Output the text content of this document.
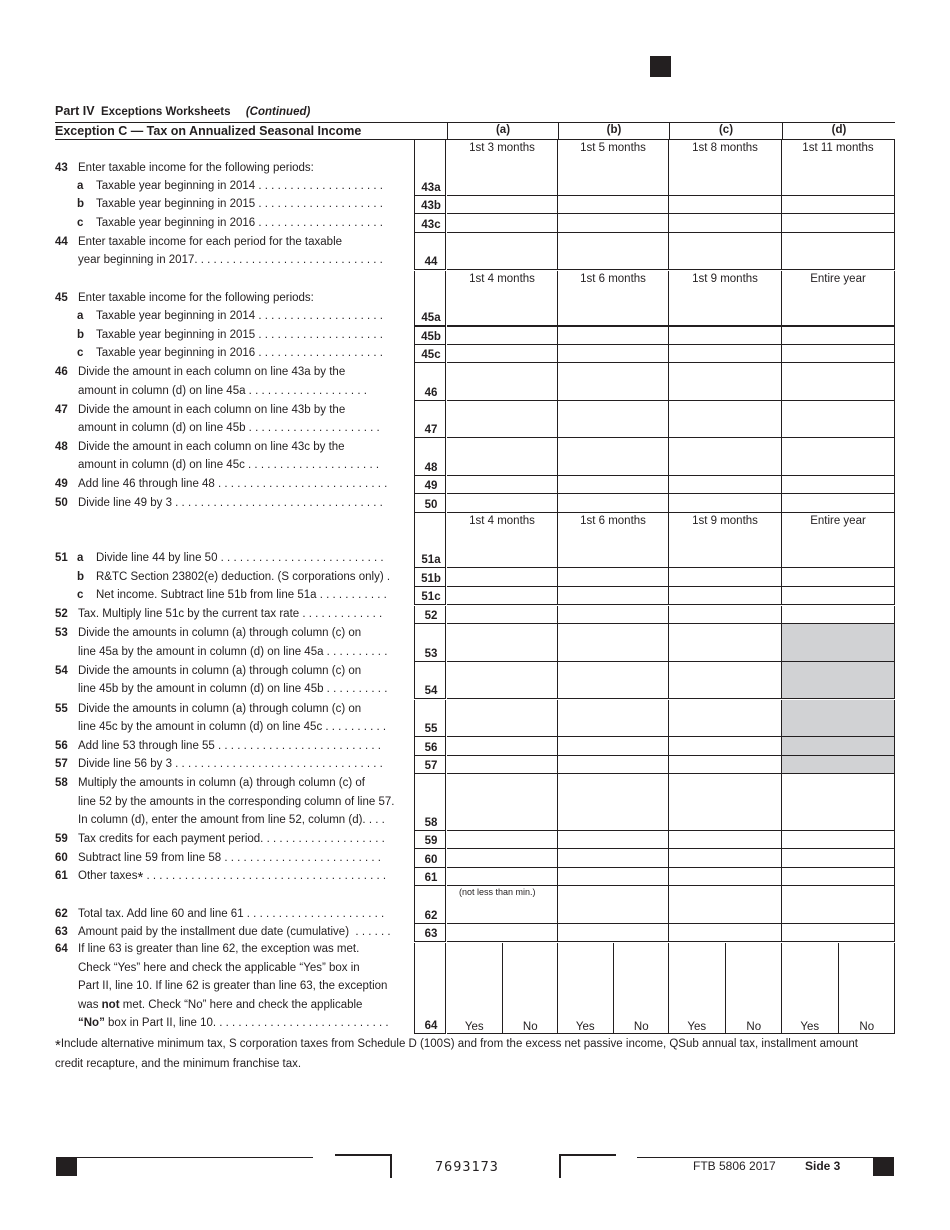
Part IV Exceptions Worksheets (Continued)
Exception C — Tax on Annualized Seasonal Income
1st 3 months	1st 5 months	1st 8 months	1st 11 months
43 Enter taxable income for the following periods:
a	Taxable year beginning in 2014 . . . . . . . . . . . . . . . . . . . .	43a
b	Taxable year beginning in 2015 . . . . . . . . . . . . . . . . . . . .	43b
c	Taxable year beginning in 2016 . . . . . . . . . . . . . . . . . . . .	43c
44 Enter taxable income for each period for the taxable
year beginning in 2017. . . . . . . . . . . . . . . . . . . . . . . . . . . . . .	44
1st 4 months	1st 6 months	1st 9 months	Entire year
45 Enter taxable income for the following periods:
a	Taxable year beginning in 2014 . . . . . . . . . . . . . . . . . . . .	45a
b	Taxable year beginning in 2015 . . . . . . . . . . . . . . . . . . . .	45b
c	Taxable year beginning in 2016 . . . . . . . . . . . . . . . . . . . .	45c
46 Divide the amount in each column on line 43a by the
amount in column (d) on line 45a . . . . . . . . . . . . . . . . . . .	46
47 Divide the amount in each column on line 43b by the
amount in column (d) on line 45b . . . . . . . . . . . . . . . . . . . . .	47
48 Divide the amount in each column on line 43c by the
amount in column (d) on line 45c . . . . . . . . . . . . . . . . . . . . .	48
49 Add line 46 through line 48 . . . . . . . . . . . . . . . . . . . . . . . . . . .	49
50 Divide line 49 by 3 . . . . . . . . . . . . . . . . . . . . . . . . . . . . . . . . .	50
1st 4 months	1st 6 months	1st 9 months	Entire year
51 a	Divide line 44 by line 50 . . . . . . . . . . . . . . . . . . . . . . . . . .	51a
b	R&TC Section 23802(e) deduction. (S corporations only) .	51b
c	Net income. Subtract line 51b from line 51a . . . . . . . . . . .	51c
52 Tax. Multiply line 51c by the current tax rate . . . . . . . . . . . . .	52
53 Divide the amounts in column (a) through column (c) on
line 45a by the amount in column (d) on line 45a . . . . . . . . . .	53
54 Divide the amounts in column (a) through column (c) on
line 45b by the amount in column (d) on line 45b . . . . . . . . . .	54
55 Divide the amounts in column (a) through column (c) on
line 45c by the amount in column (d) on line 45c . . . . . . . . . .	55
56 Add line 53 through line 55 . . . . . . . . . . . . . . . . . . . . . . . . . .	56
57 Divide line 56 by 3 . . . . . . . . . . . . . . . . . . . . . . . . . . . . . . . . .	57
58 Multiply the amounts in column (a) through column (c) of
line 52 by the amounts in the corresponding column of line 57.
In column (d), enter the amount from line 52, column (d). . . .	58
59 Tax credits for each payment period. . . . . . . . . . . . . . . . . . . .	59
60 Subtract line 59 from line 58 . . . . . . . . . . . . . . . . . . . . . . . . .	60
61 Other taxes* . . . . . . . . . . . . . . . . . . . . . . . . . . . . . . . . . . . . . .	61
62 Total tax. Add line 60 and line 61 . . . . . . . . . . . . . . . . . . . . . .	62
(not less than min.)
63 Amount paid by the installment due date (cumulative)  . . . . . .	63
64 If line 63 is greater than line 62, the exception was met.
Check “Yes” here and check the applicable “Yes” box in
Part II, line 10. If line 62 is greater than line 63, the exception
was not met. Check “No” here and check the applicable
“No” box in Part II, line 10. . . . . . . . . . . . . . . . . . . . . . . . . . . .	64	Yes	No	Yes	No	Yes	No	Yes	No
*Include alternative minimum tax, S corporation taxes from Schedule D (100S) and from the excess net passive income, QSub annual tax, installment amount
credit recapture, and the minimum franchise tax.
7693173	FTB 5806 2017 Side 3
(a)	(b)	(c)	(d)
